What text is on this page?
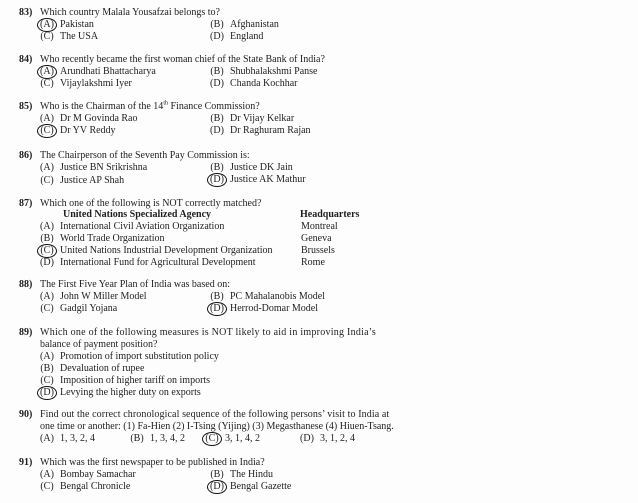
83) Which country Malala Yousafzai belongs to?
(A) Pakistan	(B) Afghanistan
(C) The USA	(D) England
84) Who recently became the first woman chief of the State Bank of India?
(A) Arundhati Bhattacharya	(B) Shubhalakshmi Panse
(C) Vijaylakshmi Iyer	(D) Chanda Kochhar
85) Who is the Chairman of the 14th Finance Commission?
(A) Dr M Govinda Rao	(B) Dr Vijay Kelkar
(C) Dr YV Reddy	(D) Dr Raghuram Rajan
86) The Chairperson of the Seventh Pay Commission is:
(A) Justice BN Srikrishna	(B) Justice DK Jain
(C) Justice AP Shah	(D) Justice AK Mathur
87) Which one of the following is NOT correctly matched?
United Nations Specialized Agency	Headquarters
(A) International Civil Aviation Organization	Montreal
(B) World Trade Organization	Geneva
(C) United Nations Industrial Development Organization	Brussels
(D) International Fund for Agricultural Development	Rome
88) The First Five Year Plan of India was based on:
(A) John W Miller Model	(B) PC Mahalanobis Model
(C) Gadgil Yojana	(D) Herrod-Domar Model
89) Which one of the following measures is NOT likely to aid in improving India’s
balance of payment position?
(A) Promotion of import substitution policy
(B) Devaluation of rupee
(C) Imposition of higher tariff on imports
(D) Levying the higher duty on exports
90) Find out the correct chronological sequence of the following persons’ visit to India at
one time or another: (1) Fa-Hien (2) I-Tsing (Yijing) (3) Megasthanese (4) Hiuen-Tsang.
(A) 1, 3, 2, 4	(B) 1, 3, 4, 2 (C) 3, 1, 4, 2	(D) 3, 1, 2, 4
91) Which was the first newspaper to be published in India?
(A) Bombay Samachar	(B) The Hindu
(C) Bengal Chronicle	(D) Bengal Gazette
